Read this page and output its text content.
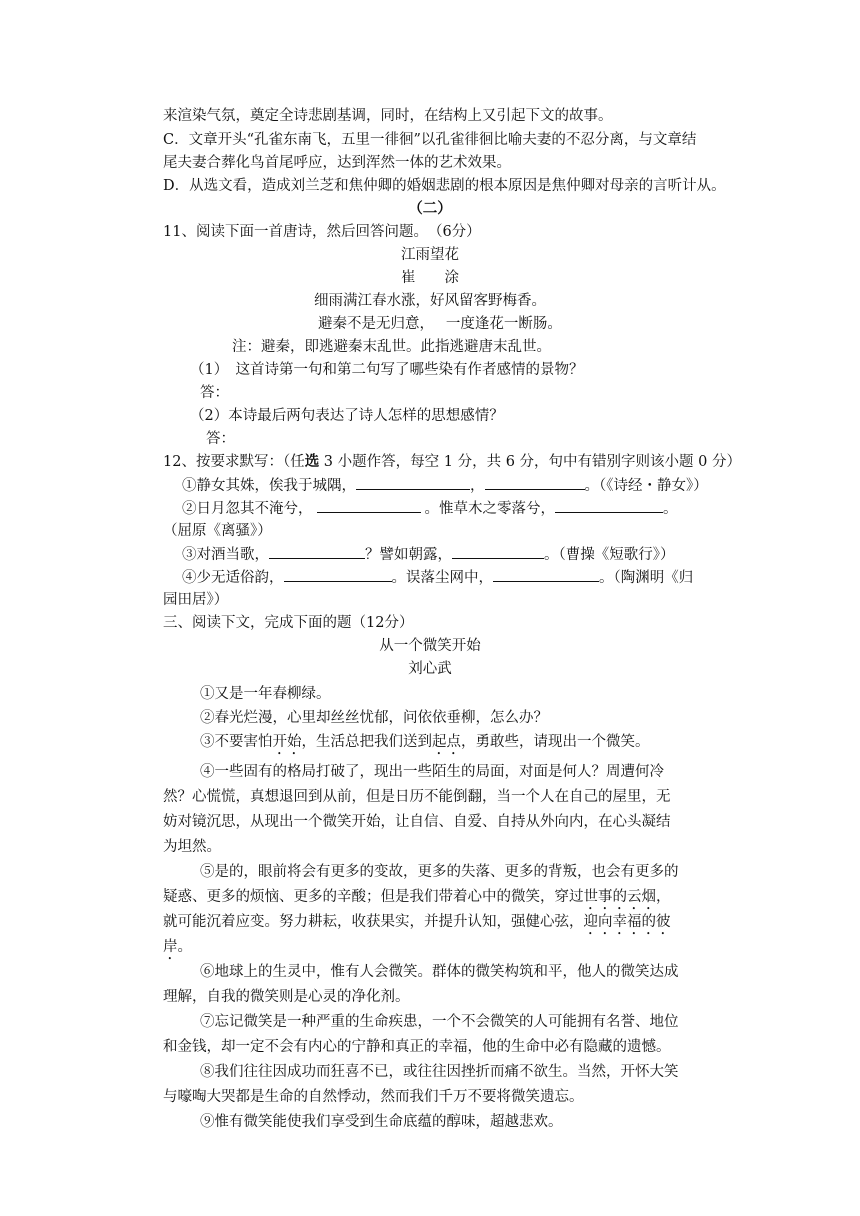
来渲染气氛，奠定全诗悲剧基调，同时，在结构上又引起下文的故事。
C．文章开头“孔雀东南飞，五里一徘徊”以孔雀徘徊比喻夫妻的不忍分离，与文章结
尾夫妻合葬化鸟首尾呼应，达到浑然一体的艺术效果。
D．从选文看，造成刘兰芝和焦仲卿的婚姻悲剧的根本原因是焦仲卿对母亲的言听计从。
（二）
11、阅读下面一首唐诗，然后回答问题。　（6分）
江雨望花
崔　　涂
细雨满江春水涨，好风留客野梅香。
避秦不是无归意，　 一度逢花一断肠。
注：避秦，即逃避秦末乱世。此指逃避唐末乱世。
（1）　这首诗第一句和第二句写了哪些染有作者感情的景物？
答：
（2）本诗最后两句表达了诗人怎样的思想感情？
答：
12、按要求默写：（任选 3 小题作答，每空 1 分，共 6 分，句中有错别字则该小题 0 分）
①静女其姝，俟我于城隅，	，	。（《诗经・静女》）
②日月忽其不淹兮，	。惟草木之零落兮，	。
（屈原《离骚》）
③对酒当歌，	？譬如朝露，	。（曹操《短歌行》）
④少无适俗韵，	。误落尘网中，	。（陶渊明《归
园田居》）
三、阅读下文，完成下面的题（12分）
从一个微笑开始
刘心武
①又是一年春柳绿。
②春光烂漫，心里却丝丝忧郁，问依依垂柳，怎么办？
③不要害怕开始，生活总把我们送到起点，勇敢些，请现出一个微笑。
④一些固有的格局打破了，现出一些陌生的局面，对面是何人？周遭何冷
然？心慌慌，真想退回到从前，但是日历不能倒翻，当一个人在自己的屋里，无
妨对镜沉思，从现出一个微笑开始，让自信、自爱、自持从外向内，在心头凝结
为坦然。
⑤是的，眼前将会有更多的变故，更多的失落、更多的背叛，也会有更多的
疑惑、更多的烦恼、更多的辛酸；但是我们带着心中的微笑，穿过世事的云烟，
就可能沉着应变。努力耕耘，收获果实，并提升认知，强健心弦，迎向幸福的彼
岸。
⑥地球上的生灵中，惟有人会微笑。群体的微笑构筑和平，他人的微笑达成
理解，自我的微笑则是心灵的净化剂。
⑦忘记微笑是一种严重的生命疾患，一个不会微笑的人可能拥有名誉、地位
和金钱，却一定不会有内心的宁静和真正的幸福，他的生命中必有隐藏的遗憾。
⑧我们往往因成功而狂喜不已，或往往因挫折而痛不欲生。当然，开怀大笑
与嚎啕大哭都是生命的自然悸动，然而我们千万不要将微笑遗忘。
⑨惟有微笑能使我们享受到生命底蕴的醇味，超越悲欢。
